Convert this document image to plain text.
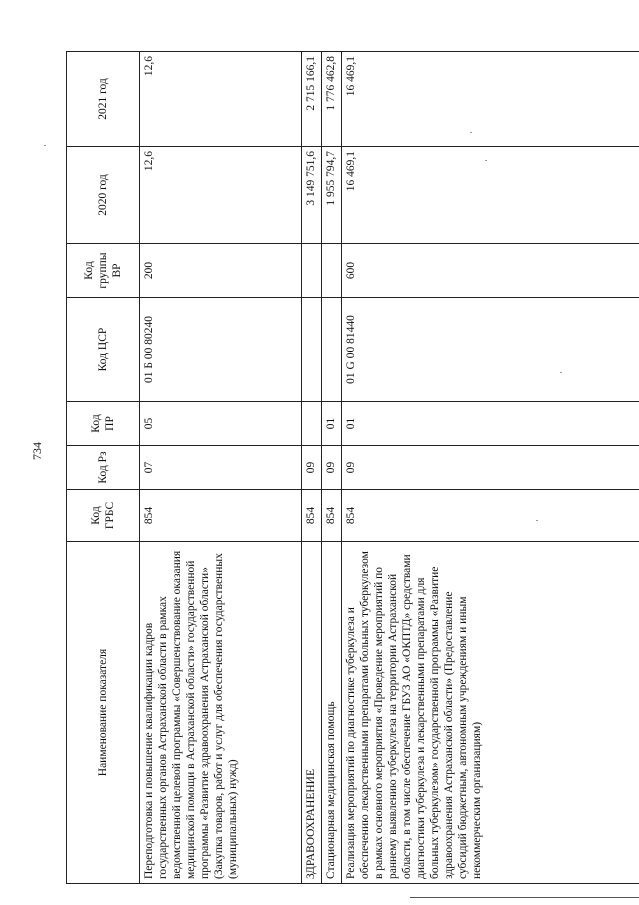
734
Наименование показателя	Код ГРБС	Код Рз	Код ПР	Код ЦСР	Код группы ВР	2020 год	2021 год
Переподготовка и повышение квалификации кадров государственных органов Астраханской области в рамках ведомственной целевой программы «Совершенствование оказания медицинской помощи в Астраханской области» государственной программы «Развитие здравоохранения Астраханской области» (Закупка товаров, работ и услуг для обеспечения государственных (муниципальных) нужд)	854	07	05	01 Б 00 80240	200	12,6	12,6
ЗДРАВООХРАНЕНИЕ	854	09				3 149 751,6	2 715 166,1
Стационарная медицинская помощь	854	09	01			1 955 794,7	1 776 462,8
Реализация мероприятий по диагностике туберкулеза и обеспечению лекарственными препаратами больных туберкулезом в рамках основного мероприятия «Проведение мероприятий по раннему выявлению туберкулеза на территории Астраханской области, в том числе обеспечение ГБУЗ АО «ОКПТД» средствами диагностики туберкулеза и лекарственными препаратами для больных туберкулезом» государственной программы «Развитие здравоохранения Астраханской области» (Предоставление субсидий бюджетным, автономным учреждениям и иным некоммерческим организациям)	854	09	01	01 G 00 81440	600	16 469,1	16 469,1
